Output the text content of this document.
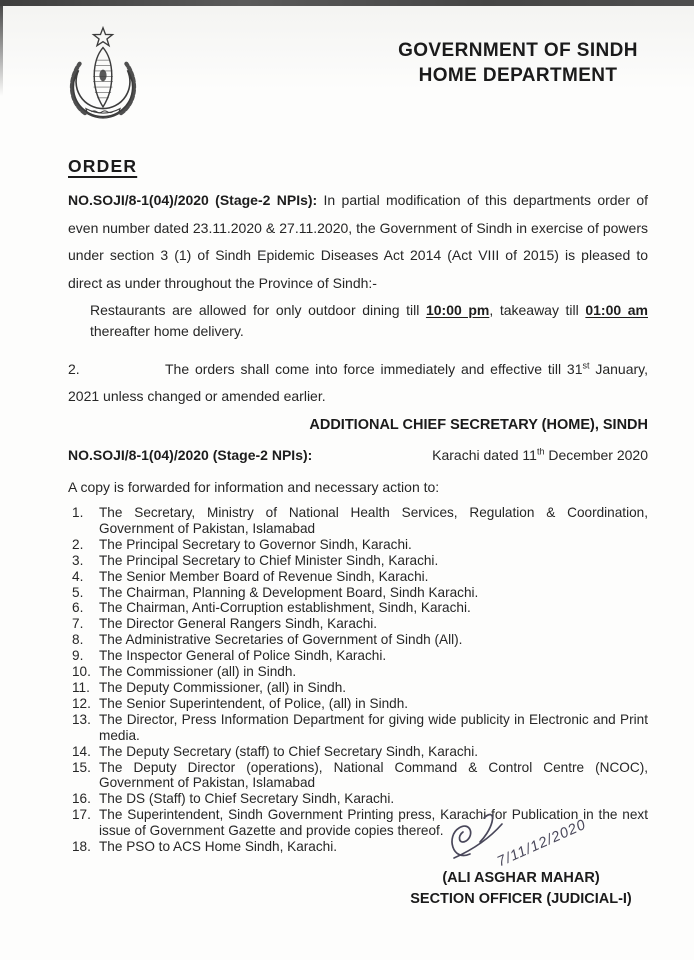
GOVERNMENT OF SINDH
HOME DEPARTMENT
ORDER

NO.SOJI/8-1(04)/2020 (Stage-2 NPIs): In partial modification of this departments order of even number dated 23.11.2020 & 27.11.2020, the Government of Sindh in exercise of powers under section 3 (1) of Sindh Epidemic Diseases Act 2014 (Act VIII of 2015) is pleased to direct as under throughout the Province of Sindh:-

Restaurants are allowed for only outdoor dining till 10:00 pm, takeaway till 01:00 am thereafter home delivery.

2.	The orders shall come into force immediately and effective till 31st January, 2021 unless changed or amended earlier.

ADDITIONAL CHIEF SECRETARY (HOME), SINDH

NO.SOJI/8-1(04)/2020 (Stage-2 NPIs):	Karachi dated 11th December 2020

A copy is forwarded for information and necessary action to:

The Secretary, Ministry of National Health Services, Regulation & Coordination, Government of Pakistan, Islamabad
The Principal Secretary to Governor Sindh, Karachi.
The Principal Secretary to Chief Minister Sindh, Karachi.
The Senior Member Board of Revenue Sindh, Karachi.
The Chairman, Planning & Development Board, Sindh Karachi.
The Chairman, Anti-Corruption establishment, Sindh, Karachi.
The Director General Rangers Sindh, Karachi.
The Administrative Secretaries of Government of Sindh (All).
The Inspector General of Police Sindh, Karachi.
The Commissioner (all) in Sindh.
The Deputy Commissioner, (all) in Sindh.
The Senior Superintendent, of Police, (all) in Sindh.
The Director, Press Information Department for giving wide publicity in Electronic and Print media.
The Deputy Secretary (staff) to Chief Secretary Sindh, Karachi.
The Deputy Director (operations), National Command & Control Centre (NCOC), Government of Pakistan, Islamabad
The DS (Staff) to Chief Secretary Sindh, Karachi.
The Superintendent, Sindh Government Printing press, Karachi for Publication in the next issue of Government Gazette and provide copies thereof.
The PSO to ACS Home Sindh, Karachi.	7/11/12/2020
(ALI ASGHAR MAHAR)
SECTION OFFICER (JUDICIAL-I)
